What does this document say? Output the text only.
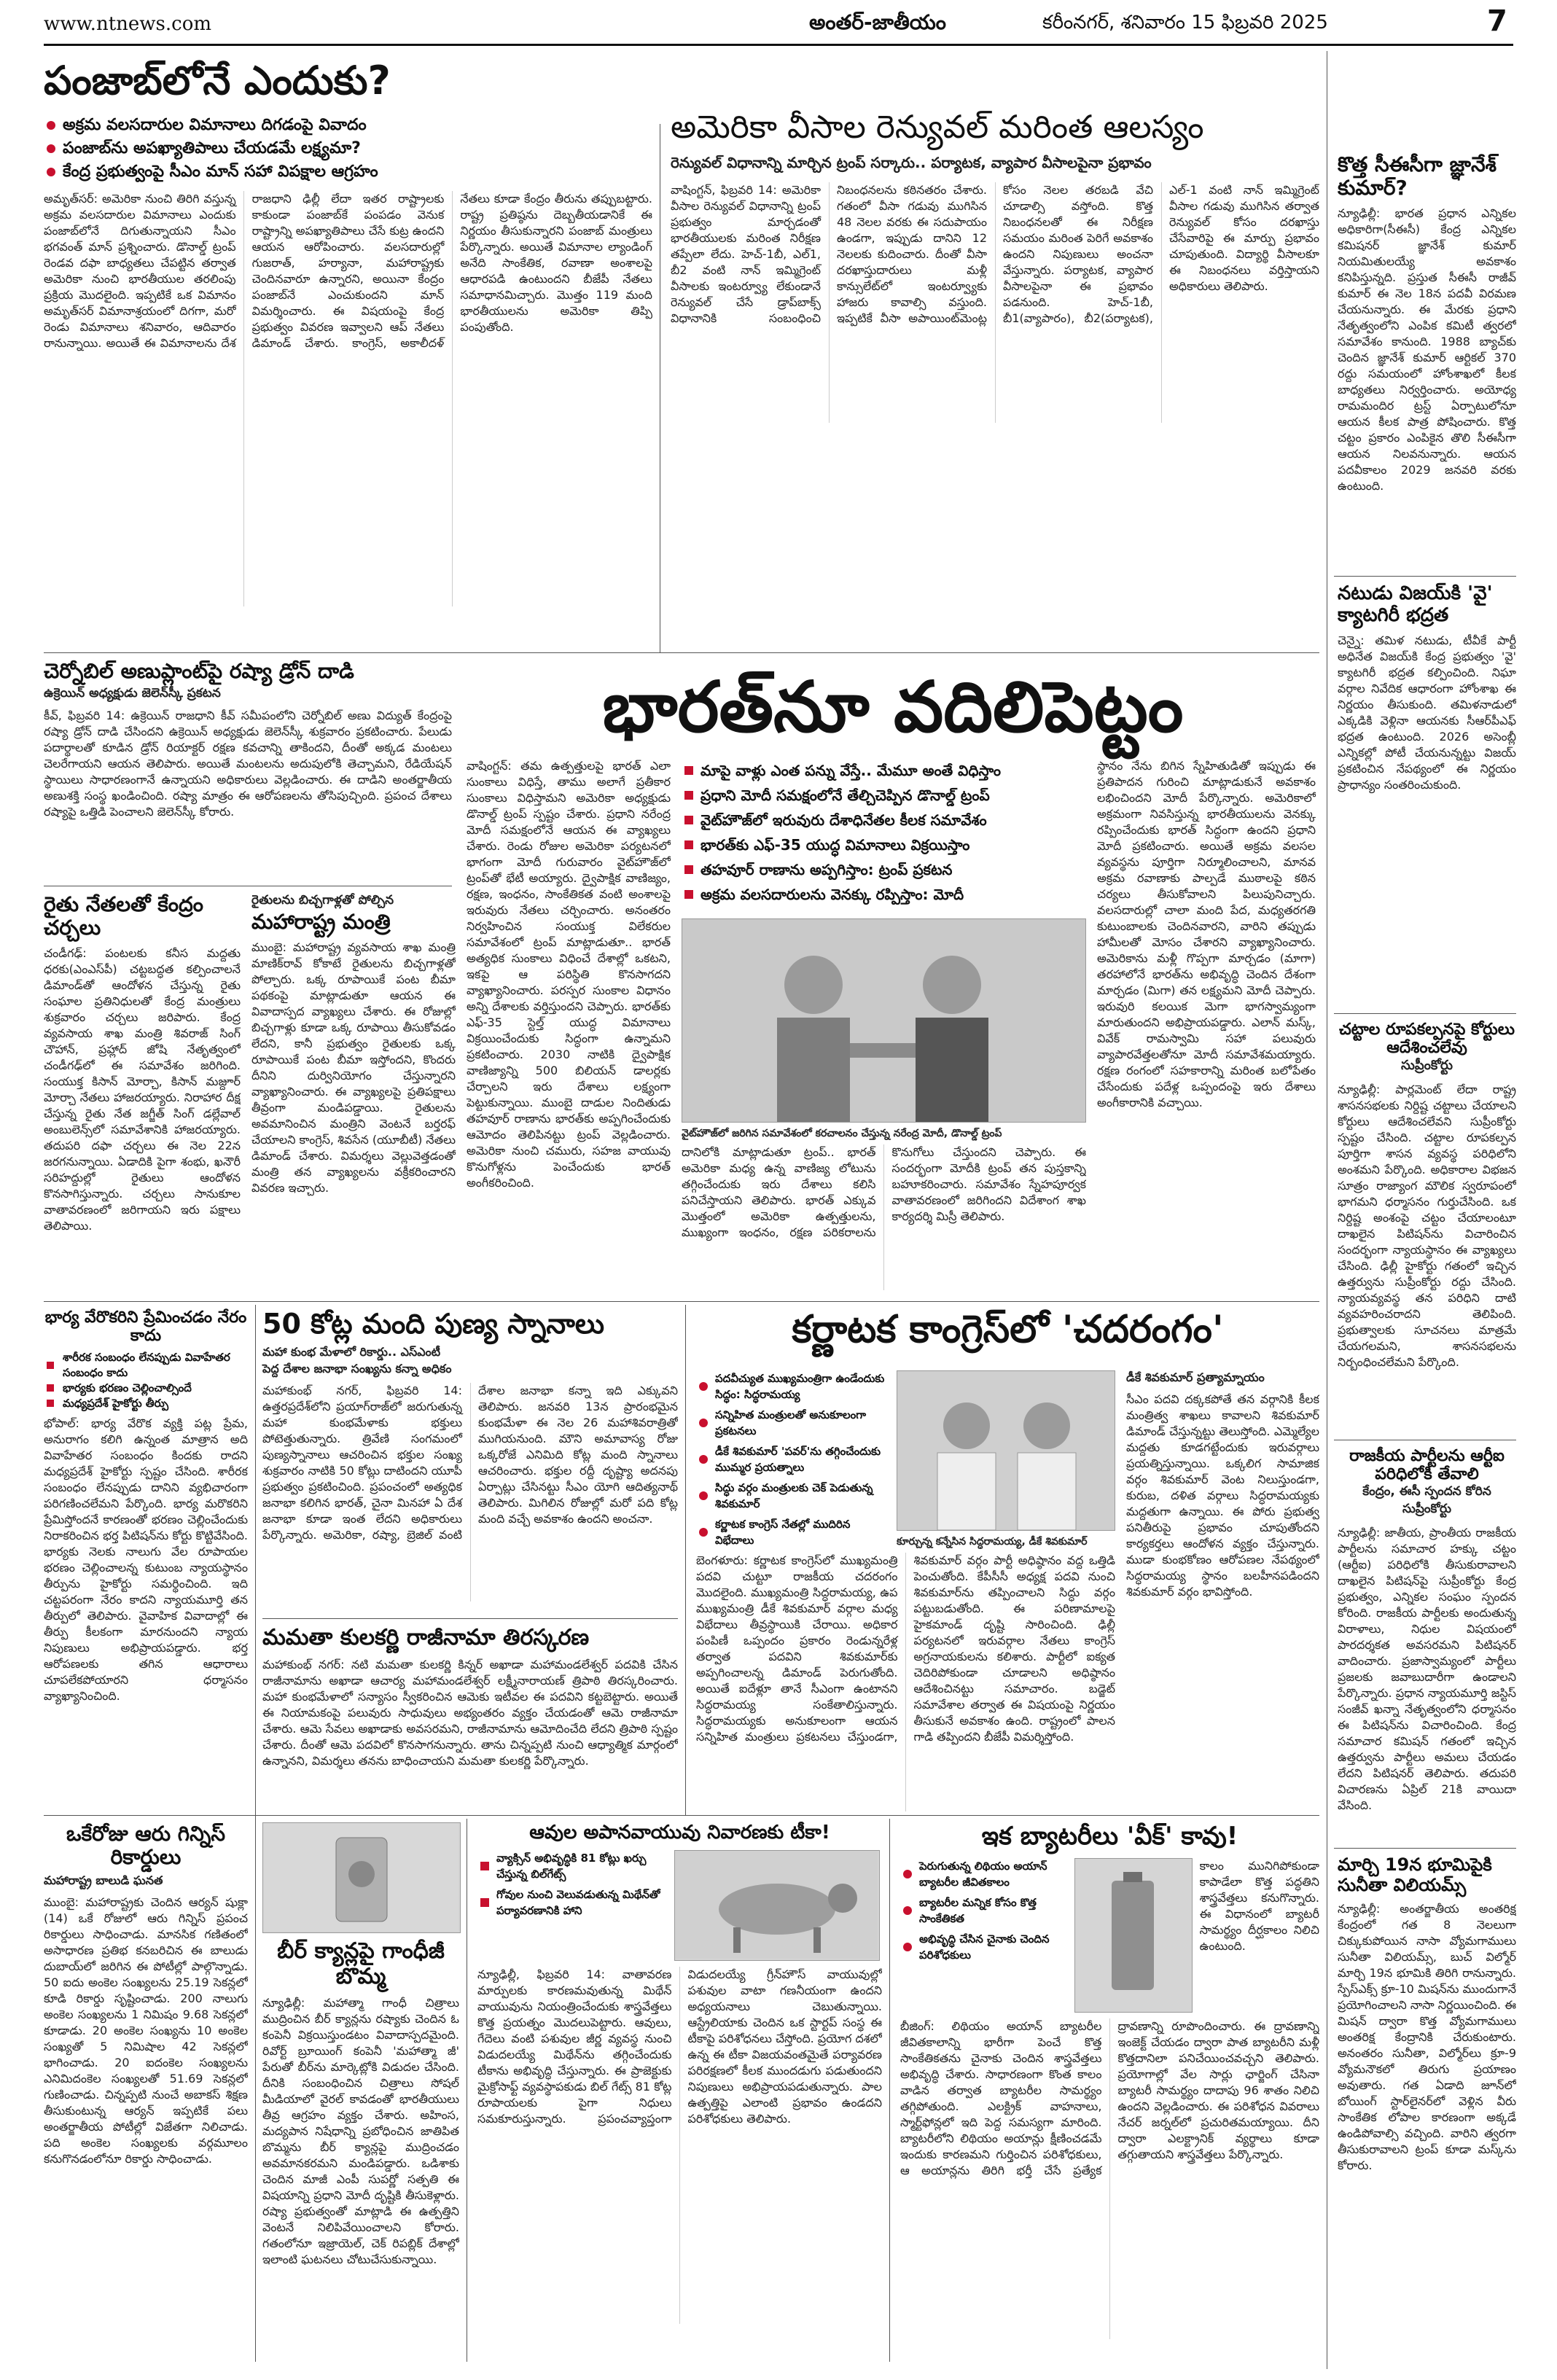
www.ntnews.com	అంతర్-జాతీయం	కరీంనగర్, శనివారం 15 ఫిబ్రవరి 2025	7
పంజాబ్‌లోనే ఎందుకు?
అక్రమ వలసదారుల విమానాలు దిగడంపై వివాదం
పంజాబ్‌ను అపఖ్యాతిపాలు చేయడమే లక్ష్యమా?
కేంద్ర ప్రభుత్వంపై సీఎం మాన్ సహా విపక్షాల ఆగ్రహం
అమృత్‌సర్: అమెరికా నుంచి తిరిగి వస్తున్న అక్రమ వలసదారుల విమానాలు ఎందుకు పంజాబ్‌లోనే దిగుతున్నాయని సీఎం భగవంత్ మాన్ ప్రశ్నించారు. డొనాల్డ్ ట్రంప్ రెండవ దఫా బాధ్యతలు చేపట్టిన తర్వాత అమెరికా నుంచి భారతీయుల తరలింపు ప్రక్రియ మొదలైంది. ఇప్పటికే ఒక విమానం అమృత్‌సర్ విమానాశ్రయంలో దిగగా, మరో రెండు విమానాలు శనివారం, ఆదివారం రానున్నాయి. అయితే ఈ విమానాలను దేశ రాజధాని ఢిల్లీ లేదా ఇతర రాష్ట్రాలకు కాకుండా పంజాబ్‌కే పంపడం వెనుక రాష్ట్రాన్ని అపఖ్యాతిపాలు చేసే కుట్ర ఉందని ఆయన ఆరోపించారు. వలసదారుల్లో గుజరాత్, హర్యానా, మహారాష్ట్రకు చెందినవారూ ఉన్నారని, అయినా కేంద్రం పంజాబ్‌నే ఎంచుకుందని మాన్ విమర్శించారు. ఈ విషయంపై కేంద్ర ప్రభుత్వం వివరణ ఇవ్వాలని ఆప్ నేతలు డిమాండ్ చేశారు. కాంగ్రెస్, అకాలీదళ్ నేతలు కూడా కేంద్రం తీరును తప్పుబట్టారు. రాష్ట్ర ప్రతిష్ఠను దెబ్బతీయడానికే ఈ నిర్ణయం తీసుకున్నారని పంజాబ్ మంత్రులు పేర్కొన్నారు. అయితే విమానాల ల్యాండింగ్ అనేది సాంకేతిక, రవాణా అంశాలపై ఆధారపడి ఉంటుందని బీజేపీ నేతలు సమాధానమిచ్చారు. మొత్తం 119 మంది భారతీయులను అమెరికా తిప్పి పంపుతోంది.
అమెరికా వీసాల రెన్యువల్ మరింత ఆలస్యం
రెన్యువల్ విధానాన్ని మార్చిన ట్రంప్ సర్కారు.. పర్యాటక, వ్యాపార వీసాలపైనా ప్రభావం
వాషింగ్టన్, ఫిబ్రవరి 14: అమెరికా వీసాల రెన్యువల్ విధానాన్ని ట్రంప్ ప్రభుత్వం మార్చడంతో భారతీయులకు మరింత నిరీక్షణ తప్పేలా లేదు. హెచ్-1బీ, ఎల్1, బీ2 వంటి నాన్ ఇమ్మిగ్రెంట్ వీసాలకు ఇంటర్వ్యూ లేకుండానే రెన్యువల్ చేసే డ్రాప్‌బాక్స్ విధానానికి సంబంధించి నిబంధనలను కఠినతరం చేశారు. గతంలో వీసా గడువు ముగిసిన 48 నెలల వరకు ఈ సదుపాయం ఉండగా, ఇప్పుడు దానిని 12 నెలలకు కుదించారు. దీంతో వీసా దరఖాస్తుదారులు మళ్లీ కాన్సులేట్‌లో ఇంటర్వ్యూకు హాజరు కావాల్సి వస్తుంది. ఇప్పటికే వీసా అపాయింట్‌మెంట్ల కోసం నెలల తరబడి వేచి చూడాల్సి వస్తోంది. కొత్త నిబంధనలతో ఈ నిరీక్షణ సమయం మరింత పెరిగే అవకాశం ఉందని నిపుణులు అంచనా వేస్తున్నారు. పర్యాటక, వ్యాపార వీసాలపైనా ఈ ప్రభావం పడనుంది. హెచ్-1బీ, బీ1(వ్యాపారం), బీ2(పర్యాటక), ఎల్-1 వంటి నాన్ ఇమ్మిగ్రెంట్ వీసాల గడువు ముగిసిన తర్వాత రెన్యువల్ కోసం దరఖాస్తు చేసేవారిపై ఈ మార్పు ప్రభావం చూపుతుంది. విద్యార్థి వీసాలకూ ఈ నిబంధనలు వర్తిస్తాయని అధికారులు తెలిపారు.
కొత్త సీఈసీగా జ్ఞానేశ్ కుమార్?
న్యూఢిల్లీ: భారత ప్రధాన ఎన్నికల అధికారిగా(సీఈసీ) కేంద్ర ఎన్నికల కమిషనర్ జ్ఞానేశ్ కుమార్ నియమితులయ్యే అవకాశం కనిపిస్తున్నది. ప్రస్తుత సీఈసీ రాజీవ్ కుమార్ ఈ నెల 18న పదవీ విరమణ చేయనున్నారు. ఈ మేరకు ప్రధాని నేతృత్వంలోని ఎంపిక కమిటీ త్వరలో సమావేశం కానుంది. 1988 బ్యాచ్‌కు చెందిన జ్ఞానేశ్ కుమార్ ఆర్టికల్ 370 రద్దు సమయంలో హోంశాఖలో కీలక బాధ్యతలు నిర్వర్తించారు. అయోధ్య రామమందిర ట్రస్ట్ ఏర్పాటులోనూ ఆయన కీలక పాత్ర పోషించారు. కొత్త చట్టం ప్రకారం ఎంపికైన తొలి సీఈసీగా ఆయన నిలవనున్నారు. ఆయన పదవీకాలం 2029 జనవరి వరకు ఉంటుంది.
నటుడు విజయ్‌కి 'వై' క్యాటగిరీ భద్రత
చెన్నై: తమిళ నటుడు, టీవీకే పార్టీ అధినేత విజయ్‌కి కేంద్ర ప్రభుత్వం 'వై' క్యాటగిరీ భద్రత కల్పించింది. నిఘా వర్గాల నివేదిక ఆధారంగా హోంశాఖ ఈ నిర్ణయం తీసుకుంది. తమిళనాడులో ఎక్కడికి వెళ్లినా ఆయనకు సీఆర్‌పీఎఫ్ భద్రత ఉంటుంది. 2026 అసెంబ్లీ ఎన్నికల్లో పోటీ చేయనున్నట్టు విజయ్ ప్రకటించిన నేపథ్యంలో ఈ నిర్ణయం ప్రాధాన్యం సంతరించుకుంది.
చట్టాల రూపకల్పనపై కోర్టులు ఆదేశించలేవు
సుప్రీంకోర్టు
న్యూఢిల్లీ: పార్లమెంట్ లేదా రాష్ట్ర శాసనసభలకు నిర్దిష్ట చట్టాలు చేయాలని కోర్టులు ఆదేశించలేవని సుప్రీంకోర్టు స్పష్టం చేసింది. చట్టాల రూపకల్పన పూర్తిగా శాసన వ్యవస్థ పరిధిలోని అంశమని పేర్కొంది. అధికారాల విభజన సూత్రం రాజ్యాంగ మౌలిక స్వరూపంలో భాగమని ధర్మాసనం గుర్తుచేసింది. ఒక నిర్దిష్ట అంశంపై చట్టం చేయాలంటూ దాఖలైన పిటిషన్‌ను విచారించిన సందర్భంగా న్యాయస్థానం ఈ వ్యాఖ్యలు చేసింది. ఢిల్లీ హైకోర్టు గతంలో ఇచ్చిన ఉత్తర్వును సుప్రీంకోర్టు రద్దు చేసింది. న్యాయవ్యవస్థ తన పరిధిని దాటి వ్యవహరించరాదని తెలిపింది. ప్రభుత్వాలకు సూచనలు మాత్రమే చేయగలమని, శాసనసభలను నిర్బంధించలేమని పేర్కొంది.
రాజకీయ పార్టీలను ఆర్టీఐ పరిధిలోకి తేవాలి
కేంద్రం, ఈసీ స్పందన కోరిన సుప్రీంకోర్టు
న్యూఢిల్లీ: జాతీయ, ప్రాంతీయ రాజకీయ పార్టీలను సమాచార హక్కు చట్టం (ఆర్టీఐ) పరిధిలోకి తీసుకురావాలని దాఖలైన పిటిషన్‌పై సుప్రీంకోర్టు కేంద్ర ప్రభుత్వం, ఎన్నికల సంఘం స్పందన కోరింది. రాజకీయ పార్టీలకు అందుతున్న విరాళాలు, నిధుల విషయంలో పారదర్శకత అవసరమని పిటిషనర్ వాదించారు. ప్రజాస్వామ్యంలో పార్టీలు ప్రజలకు జవాబుదారీగా ఉండాలని పేర్కొన్నారు. ప్రధాన న్యాయమూర్తి జస్టిస్ సంజీవ్ ఖన్నా నేతృత్వంలోని ధర్మాసనం ఈ పిటిషన్‌ను విచారించింది. కేంద్ర సమాచార కమిషన్ గతంలో ఇచ్చిన ఉత్తర్వును పార్టీలు అమలు చేయడం లేదని పిటిషనర్ తెలిపారు. తదుపరి విచారణను ఏప్రిల్ 21కి వాయిదా వేసింది.
మార్చి 19న భూమిపైకి సునీతా విలియమ్స్
న్యూఢిల్లీ: అంతర్జాతీయ అంతరిక్ష కేంద్రంలో గత 8 నెలలుగా చిక్కుకుపోయిన నాసా వ్యోమగాములు సునీతా విలియమ్స్, బుచ్ విల్మోర్ మార్చి 19న భూమికి తిరిగి రానున్నారు. స్పేస్‌ఎక్స్ క్రూ-10 మిషన్‌ను ముందుగానే ప్రయోగించాలని నాసా నిర్ణయించింది. ఈ మిషన్ ద్వారా కొత్త వ్యోమగాములు అంతరిక్ష కేంద్రానికి చేరుకుంటారు. అనంతరం సునీతా, విల్మోర్‌లు క్రూ-9 వ్యోమనౌకలో తిరుగు ప్రయాణం అవుతారు. గత ఏడాది జూన్‌లో బోయింగ్ స్టార్‌లైనర్‌లో వెళ్లిన వీరు సాంకేతిక లోపాల కారణంగా అక్కడే ఉండిపోవాల్సి వచ్చింది. వారిని త్వరగా తీసుకురావాలని ట్రంప్ కూడా మస్క్‌ను కోరారు.
చెర్నోబిల్ అణుప్లాంట్‌పై రష్యా డ్రోన్ దాడి
ఉక్రెయిన్ అధ్యక్షుడు జెలెన్‌స్కీ ప్రకటన
కీవ్, ఫిబ్రవరి 14: ఉక్రెయిన్ రాజధాని కీవ్ సమీపంలోని చెర్నోబిల్ అణు విద్యుత్ కేంద్రంపై రష్యా డ్రోన్ దాడి చేసిందని ఉక్రెయిన్ అధ్యక్షుడు జెలెన్‌స్కీ శుక్రవారం ప్రకటించారు. పేలుడు పదార్థాలతో కూడిన డ్రోన్ రియాక్టర్ రక్షణ కవచాన్ని తాకిందని, దీంతో అక్కడ మంటలు చెలరేగాయని ఆయన తెలిపారు. అయితే మంటలను అదుపులోకి తెచ్చామని, రేడియేషన్ స్థాయిలు సాధారణంగానే ఉన్నాయని అధికారులు వెల్లడించారు. ఈ దాడిని అంతర్జాతీయ అణుశక్తి సంస్థ ఖండించింది. రష్యా మాత్రం ఈ ఆరోపణలను తోసిపుచ్చింది. ప్రపంచ దేశాలు రష్యాపై ఒత్తిడి పెంచాలని జెలెన్‌స్కీ కోరారు.
భారత్‌నూ వదిలిపెట్టం
వాషింగ్టన్: తమ ఉత్పత్తులపై భారత్ ఎలా సుంకాలు విధిస్తే, తాము అలాగే ప్రతీకార సుంకాలు విధిస్తామని అమెరికా అధ్యక్షుడు డొనాల్డ్ ట్రంప్ స్పష్టం చేశారు. ప్రధాని నరేంద్ర మోదీ సమక్షంలోనే ఆయన ఈ వ్యాఖ్యలు చేశారు. రెండు రోజుల అమెరికా పర్యటనలో భాగంగా మోదీ గురువారం వైట్‌హౌజ్‌లో ట్రంప్‌తో భేటీ అయ్యారు. ద్వైపాక్షిక వాణిజ్యం, రక్షణ, ఇంధనం, సాంకేతికత వంటి అంశాలపై ఇరువురు నేతలు చర్చించారు. అనంతరం నిర్వహించిన సంయుక్త విలేకరుల సమావేశంలో ట్రంప్ మాట్లాడుతూ.. భారత్ అత్యధిక సుంకాలు విధించే దేశాల్లో ఒకటని, ఇకపై ఆ పరిస్థితి కొనసాగదని వ్యాఖ్యానించారు. పరస్పర సుంకాల విధానం అన్ని దేశాలకు వర్తిస్తుందని చెప్పారు. భారత్‌కు ఎఫ్-35 స్టెల్త్ యుద్ధ విమానాలు విక్రయించేందుకు సిద్ధంగా ఉన్నామని ప్రకటించారు. 2030 నాటికి ద్వైపాక్షిక వాణిజ్యాన్ని 500 బిలియన్ డాలర్లకు చేర్చాలని ఇరు దేశాలు లక్ష్యంగా పెట్టుకున్నాయి. ముంబై దాడుల నిందితుడు తహవూర్ రాణాను భారత్‌కు అప్పగించేందుకు ఆమోదం తెలిపినట్టు ట్రంప్ వెల్లడించారు. అమెరికా నుంచి చమురు, సహజ వాయువు కొనుగోళ్లను పెంచేందుకు భారత్ అంగీకరించింది.
మాపై వాళ్లు ఎంత పన్ను వేస్తే.. మేమూ అంతే విధిస్తాం
ప్రధాని మోదీ సమక్షంలోనే తేల్చిచెప్పిన డొనాల్డ్ ట్రంప్
వైట్‌హౌజ్‌లో ఇరువురు దేశాధినేతల కీలక సమావేశం
భారత్‌కు ఎఫ్-35 యుద్ధ విమానాలు విక్రయిస్తాం
తహవూర్ రాణాను అప్పగిస్తాం: ట్రంప్ ప్రకటన
అక్రమ వలసదారులను వెనక్కు రప్పిస్తాం: మోదీ
వైట్‌హౌజ్‌లో జరిగిన సమావేశంలో కరచాలనం చేస్తున్న నరేంద్ర మోదీ, డొనాల్డ్ ట్రంప్
దానిలోకి మాట్లాడుతూ ట్రంప్.. భారత్ అమెరికా మధ్య ఉన్న వాణిజ్య లోటును తగ్గించేందుకు ఇరు దేశాలు కలిసి పనిచేస్తాయని తెలిపారు. భారత్ ఎక్కువ మొత్తంలో అమెరికా ఉత్పత్తులను, ముఖ్యంగా ఇంధనం, రక్షణ పరికరాలను కొనుగోలు చేస్తుందని చెప్పారు. ఈ సందర్భంగా మోదీకి ట్రంప్ తన పుస్తకాన్ని బహూకరించారు. సమావేశం స్నేహపూర్వక వాతావరణంలో జరిగిందని విదేశాంగ శాఖ కార్యదర్శి మిస్రీ తెలిపారు.
స్థానం నేను బిగిన స్నేహితుడితో ఇప్పుడు ఈ ప్రతిపాదన గురించి మాట్లాడుకునే అవకాశం లభించిందని మోదీ పేర్కొన్నారు. అమెరికాలో అక్రమంగా నివసిస్తున్న భారతీయులను వెనక్కు రప్పించేందుకు భారత్ సిద్ధంగా ఉందని ప్రధాని మోదీ ప్రకటించారు. అయితే అక్రమ వలసల వ్యవస్థను పూర్తిగా నిర్మూలించాలని, మానవ అక్రమ రవాణాకు పాల్పడే ముఠాలపై కఠిన చర్యలు తీసుకోవాలని పిలుపునిచ్చారు. వలసదారుల్లో చాలా మంది పేద, మధ్యతరగతి కుటుంబాలకు చెందినవారని, వారిని తప్పుడు హామీలతో మోసం చేశారని వ్యాఖ్యానించారు. అమెరికాను మళ్లీ గొప్పగా మార్చడం (మాగా) తరహాలోనే భారత్‌ను అభివృద్ధి చెందిన దేశంగా మార్చడం (మిగా) తన లక్ష్యమని మోదీ చెప్పారు. ఇరువురి కలయిక మెగా భాగస్వామ్యంగా మారుతుందని అభిప్రాయపడ్డారు. ఎలాన్ మస్క్, వివేక్ రామస్వామి సహా పలువురు వ్యాపారవేత్తలతోనూ మోదీ సమావేశమయ్యారు. రక్షణ రంగంలో సహకారాన్ని మరింత బలోపేతం చేసేందుకు పదేళ్ల ఒప్పందంపై ఇరు దేశాలు అంగీకారానికి వచ్చాయి.
రైతు నేతలతో కేంద్రం చర్చలు
చండీగఢ్: పంటలకు కనీస మద్దతు ధరకు(ఎంఎస్‌పీ) చట్టబద్ధత కల్పించాలనే డిమాండ్‌తో ఆందోళన చేస్తున్న రైతు సంఘాల ప్రతినిధులతో కేంద్ర మంత్రులు శుక్రవారం చర్చలు జరిపారు. కేంద్ర వ్యవసాయ శాఖ మంత్రి శివరాజ్ సింగ్ చౌహాన్, ప్రహ్లాద్ జోషి నేతృత్వంలో చండీగఢ్‌లో ఈ సమావేశం జరిగింది. సంయుక్త కిసాన్ మోర్చా, కిసాన్ మజ్దూర్ మోర్చా నేతలు హాజరయ్యారు. నిరాహార దీక్ష చేస్తున్న రైతు నేత జగ్జీత్ సింగ్ డల్లేవాల్ అంబులెన్స్‌లో సమావేశానికి హాజరయ్యారు. తదుపరి దఫా చర్చలు ఈ నెల 22న జరగనున్నాయి. ఏడాదికి పైగా శంభు, ఖనౌరీ సరిహద్దుల్లో రైతులు ఆందోళన కొనసాగిస్తున్నారు. చర్చలు సానుకూల వాతావరణంలో జరిగాయని ఇరు పక్షాలు తెలిపాయి.
రైతులను బిచ్చగాళ్లతో పోల్చిన
మహారాష్ట్ర మంత్రి
ముంబై: మహారాష్ట్ర వ్యవసాయ శాఖ మంత్రి మాణిక్‌రావ్ కోకాటే రైతులను బిచ్చగాళ్లతో పోల్చారు. ఒక్క రూపాయికే పంట బీమా పథకంపై మాట్లాడుతూ ఆయన ఈ వివాదాస్పద వ్యాఖ్యలు చేశారు. ఈ రోజుల్లో బిచ్చగాళ్లు కూడా ఒక్క రూపాయి తీసుకోవడం లేదని, కానీ ప్రభుత్వం రైతులకు ఒక్క రూపాయికే పంట బీమా ఇస్తోందని, కొందరు దీనిని దుర్వినియోగం చేస్తున్నారని వ్యాఖ్యానించారు. ఈ వ్యాఖ్యలపై ప్రతిపక్షాలు తీవ్రంగా మండిపడ్డాయి. రైతులను అవమానించిన మంత్రిని వెంటనే బర్తరఫ్ చేయాలని కాంగ్రెస్, శివసేన (యూబీటీ) నేతలు డిమాండ్ చేశారు. విమర్శలు వెల్లువెత్తడంతో మంత్రి తన వ్యాఖ్యలను వక్రీకరించారని వివరణ ఇచ్చారు.
భార్య వేరొకరిని ప్రేమించడం నేరం కాదు
శారీరక సంబంధం లేనప్పుడు వివాహేతర సంబంధం కాదు
భార్యకు భరణం చెల్లించాల్సిందే
మధ్యప్రదేశ్ హైకోర్టు తీర్పు
భోపాల్: భార్య వేరొక వ్యక్తి పట్ల ప్రేమ, అనురాగం కలిగి ఉన్నంత మాత్రాన అది వివాహేతర సంబంధం కిందకు రాదని మధ్యప్రదేశ్ హైకోర్టు స్పష్టం చేసింది. శారీరక సంబంధం లేనప్పుడు దానిని వ్యభిచారంగా పరిగణించలేమని పేర్కొంది. భార్య మరొకరిని ప్రేమిస్తోందనే కారణంతో భరణం చెల్లించేందుకు నిరాకరించిన భర్త పిటిషన్‌ను కోర్టు కొట్టివేసింది. భార్యకు నెలకు నాలుగు వేల రూపాయల భరణం చెల్లించాలన్న కుటుంబ న్యాయస్థానం తీర్పును హైకోర్టు సమర్థించింది. ఇది చట్టపరంగా నేరం కాదని న్యాయమూర్తి తన తీర్పులో తెలిపారు. వైవాహిక వివాదాల్లో ఈ తీర్పు కీలకంగా మారనుందని న్యాయ నిపుణులు అభిప్రాయపడ్డారు. భర్త ఆరోపణలకు తగిన ఆధారాలు చూపలేకపోయారని ధర్మాసనం వ్యాఖ్యానించింది.
50 కోట్ల మంది పుణ్య స్నానాలు
మహా కుంభ మేళాలో రికార్డు.. ఎస్‌ఎంటీ
పెద్ద దేశాల జనాభా సంఖ్యను కన్నా అధికం
మహాకుంభ్ నగర్, ఫిబ్రవరి 14: ఉత్తరప్రదేశ్‌లోని ప్రయాగ్‌రాజ్‌లో జరుగుతున్న మహా కుంభమేళాకు భక్తులు పోటెత్తుతున్నారు. త్రివేణి సంగమంలో పుణ్యస్నానాలు ఆచరించిన భక్తుల సంఖ్య శుక్రవారం నాటికి 50 కోట్లు దాటిందని యూపీ ప్రభుత్వం ప్రకటించింది. ప్రపంచంలో అత్యధిక జనాభా కలిగిన భారత్, చైనా మినహా ఏ దేశ జనాభా కూడా ఇంత లేదని అధికారులు పేర్కొన్నారు. అమెరికా, రష్యా, బ్రెజిల్ వంటి దేశాల జనాభా కన్నా ఇది ఎక్కువని తెలిపారు. జనవరి 13న ప్రారంభమైన కుంభమేళా ఈ నెల 26 మహాశివరాత్రితో ముగియనుంది. మౌని అమావాస్య రోజు ఒక్కరోజే ఎనిమిది కోట్ల మంది స్నానాలు ఆచరించారు. భక్తుల రద్దీ దృష్ట్యా అదనపు ఏర్పాట్లు చేసినట్టు సీఎం యోగి ఆదిత్యనాథ్ తెలిపారు. మిగిలిన రోజుల్లో మరో పది కోట్ల మంది వచ్చే అవకాశం ఉందని అంచనా.
మమతా కులకర్ణి రాజీనామా తిరస్కరణ
మహాకుంభ్ నగర్: నటి మమతా కులకర్ణి కిన్నర్ అఖాడా మహామండలేశ్వర్ పదవికి చేసిన రాజీనామాను అఖాడా ఆచార్య మహామండలేశ్వర్ లక్ష్మీనారాయణ్ త్రిపాఠి తిరస్కరించారు. మహా కుంభమేళాలో సన్యాసం స్వీకరించిన ఆమెకు ఇటీవల ఈ పదవిని కట్టబెట్టారు. అయితే ఈ నియామకంపై పలువురు సాధువులు అభ్యంతరం వ్యక్తం చేయడంతో ఆమె రాజీనామా చేశారు. ఆమె సేవలు అఖాడాకు అవసరమని, రాజీనామాను ఆమోదించేది లేదని త్రిపాఠి స్పష్టం చేశారు. దీంతో ఆమె పదవిలో కొనసాగనున్నారు. తాను చిన్నప్పటి నుంచి ఆధ్యాత్మిక మార్గంలో ఉన్నానని, విమర్శలు తనను బాధించాయని మమతా కులకర్ణి పేర్కొన్నారు.
కర్ణాటక కాంగ్రెస్‌లో 'చదరంగం'
పదవీచ్యుత ముఖ్యమంత్రిగా ఉండేందుకు సిద్ధం: సిద్ధరామయ్య
సన్నిహిత మంత్రులతో అనుకూలంగా ప్రకటనలు
డీకే శివకుమార్ 'పవర్'ను తగ్గించేందుకు ముమ్మర ప్రయత్నాలు
సిద్ధు వర్గం మంత్రులకు చెక్ పెడుతున్న శివకుమార్
కర్ణాటక కాంగ్రెస్ నేతల్లో ముదిరిన విభేదాలు	కూర్చున్న కన్నేసిన సిద్ధరామయ్య, డీకే శివకుమార్
బెంగళూరు: కర్ణాటక కాంగ్రెస్‌లో ముఖ్యమంత్రి పదవి చుట్టూ రాజకీయ చదరంగం మొదలైంది. ముఖ్యమంత్రి సిద్ధరామయ్య, ఉప ముఖ్యమంత్రి డీకే శివకుమార్ వర్గాల మధ్య విభేదాలు తీవ్రస్థాయికి చేరాయి. అధికార పంపిణీ ఒప్పందం ప్రకారం రెండున్నరేళ్ల తర్వాత పదవిని శివకుమార్‌కు అప్పగించాలన్న డిమాండ్ పెరుగుతోంది. అయితే ఐదేళ్లూ తానే సీఎంగా ఉంటానని సిద్ధరామయ్య సంకేతాలిస్తున్నారు. సిద్ధరామయ్యకు అనుకూలంగా ఆయన సన్నిహిత మంత్రులు ప్రకటనలు చేస్తుండగా, శివకుమార్ వర్గం పార్టీ అధిష్ఠానం వద్ద ఒత్తిడి పెంచుతోంది. కేపీసీసీ అధ్యక్ష పదవి నుంచి శివకుమార్‌ను తప్పించాలని సిద్ధు వర్గం పట్టుబడుతోంది. ఈ పరిణామాలపై హైకమాండ్ దృష్టి సారించింది. ఢిల్లీ పర్యటనలో ఇరువర్గాల నేతలు కాంగ్రెస్ అగ్రనాయకులను కలిశారు. పార్టీలో ఐక్యత చెదిరిపోకుండా చూడాలని అధిష్ఠానం ఆదేశించినట్టు సమాచారం. బడ్జెట్ సమావేశాల తర్వాత ఈ విషయంపై నిర్ణయం తీసుకునే అవకాశం ఉంది. రాష్ట్రంలో పాలన గాడి తప్పిందని బీజేపీ విమర్శిస్తోంది.
డీకే శివకుమార్ ప్రత్యామ్నాయం
సీఎం పదవి దక్కకపోతే తన వర్గానికి కీలక మంత్రిత్వ శాఖలు కావాలని శివకుమార్ డిమాండ్ చేస్తున్నట్టు తెలుస్తోంది. ఎమ్మెల్యేల మద్దతు కూడగట్టేందుకు ఇరువర్గాలు ప్రయత్నిస్తున్నాయి. ఒక్కలిగ సామాజిక వర్గం శివకుమార్ వెంట నిలుస్తుండగా, కురుబ, దళిత వర్గాలు సిద్ధరామయ్యకు మద్దతుగా ఉన్నాయి. ఈ పోరు ప్రభుత్వ పనితీరుపై ప్రభావం చూపుతోందని కార్యకర్తలు ఆందోళన వ్యక్తం చేస్తున్నారు. ముడా కుంభకోణం ఆరోపణల నేపథ్యంలో సిద్ధరామయ్య స్థానం బలహీనపడిందని శివకుమార్ వర్గం భావిస్తోంది.
ఒకేరోజు ఆరు గిన్నిస్ రికార్డులు
మహారాష్ట్ర బాలుడి ఘనత
ముంబై: మహారాష్ట్రకు చెందిన ఆర్యన్ షుక్లా (14) ఒకే రోజులో ఆరు గిన్నిస్ ప్రపంచ రికార్డులు సాధించాడు. మానసిక గణితంలో అసాధారణ ప్రతిభ కనబరిచిన ఈ బాలుడు దుబాయ్‌లో జరిగిన ఈ పోటీల్లో పాల్గొన్నాడు. 50 ఐదు అంకెల సంఖ్యలను 25.19 సెకన్లలో కూడి రికార్డు సృష్టించాడు. 200 నాలుగు అంకెల సంఖ్యలను 1 నిమిషం 9.68 సెకన్లలో కూడాడు. 20 అంకెల సంఖ్యను 10 అంకెల సంఖ్యతో 5 నిమిషాల 42 సెకన్లలో భాగించాడు. 20 ఐదంకెల సంఖ్యలను ఎనిమిదంకెల సంఖ్యలతో 51.69 సెకన్లలో గుణించాడు. చిన్నప్పటి నుంచే అబాకస్ శిక్షణ తీసుకుంటున్న ఆర్యన్ ఇప్పటికే పలు అంతర్జాతీయ పోటీల్లో విజేతగా నిలిచాడు. పది అంకెల సంఖ్యలకు వర్గమూలం కనుగొనడంలోనూ రికార్డు సాధించాడు.
బీర్ క్యాన్లపై గాంధీజీ బొమ్మ
న్యూఢిల్లీ: మహాత్మా గాంధీ చిత్రాలు ముద్రించిన బీర్ క్యాన్లను రష్యాకు చెందిన ఓ కంపెనీ విక్రయిస్తుండటం వివాదాస్పదమైంది. రివోర్ట్ బ్రూయింగ్ కంపెనీ 'మహాత్మా జీ' పేరుతో బీర్‌ను మార్కెట్లోకి విడుదల చేసింది. దీనికి సంబంధించిన చిత్రాలు సోషల్ మీడియాలో వైరల్ కావడంతో భారతీయులు తీవ్ర ఆగ్రహం వ్యక్తం చేశారు. అహింస, మద్యపాన నిషేధాన్ని ప్రబోధించిన జాతిపిత బొమ్మను బీర్ క్యాన్లపై ముద్రించడం అవమానకరమని మండిపడ్డారు. ఒడిశాకు చెందిన మాజీ ఎంపీ సుపర్ణో సత్పతి ఈ విషయాన్ని ప్రధాని మోదీ దృష్టికి తీసుకెళ్లారు. రష్యా ప్రభుత్వంతో మాట్లాడి ఈ ఉత్పత్తిని వెంటనే నిలిపివేయించాలని కోరారు. గతంలోనూ ఇజ్రాయెల్, చెక్ రిపబ్లిక్ దేశాల్లో ఇలాంటి ఘటనలు చోటుచేసుకున్నాయి.
ఆవుల అపానవాయువు నివారణకు టీకా!
వ్యాక్సిన్ అభివృద్ధికి 81 కోట్లు ఖర్చు చేస్తున్న బిల్‌గేట్స్
గోవుల నుంచి వెలువడుతున్న మిథేన్‌తో పర్యావరణానికి హాని
న్యూఢిల్లీ, ఫిబ్రవరి 14: వాతావరణ మార్పులకు కారణమవుతున్న మిథేన్ వాయువును నియంత్రించేందుకు శాస్త్రవేత్తలు కొత్త ప్రయత్నం మొదలుపెట్టారు. ఆవులు, గేదెలు వంటి పశువుల జీర్ణ వ్యవస్థ నుంచి విడుదలయ్యే మిథేన్‌ను తగ్గించేందుకు టీకాను అభివృద్ధి చేస్తున్నారు. ఈ ప్రాజెక్టుకు మైక్రోసాఫ్ట్ వ్యవస్థాపకుడు బిల్ గేట్స్ 81 కోట్ల రూపాయలకు పైగా నిధులు సమకూరుస్తున్నారు. ప్రపంచవ్యాప్తంగా విడుదలయ్యే గ్రీన్‌హౌస్ వాయువుల్లో పశువుల వాటా గణనీయంగా ఉందని అధ్యయనాలు చెబుతున్నాయి. ఆస్ట్రేలియాకు చెందిన ఒక స్టార్టప్ సంస్థ ఈ టీకాపై పరిశోధనలు చేస్తోంది. ప్రయోగ దశలో ఉన్న ఈ టీకా విజయవంతమైతే పర్యావరణ పరిరక్షణలో కీలక ముందడుగు పడుతుందని నిపుణులు అభిప్రాయపడుతున్నారు. పాల ఉత్పత్తిపై ఎలాంటి ప్రభావం ఉండదని పరిశోధకులు తెలిపారు.
ఇక బ్యాటరీలు 'వీక్' కావు!
పెరుగుతున్న లిథియం అయాన్ బ్యాటరీల జీవితకాలం
బ్యాటరీల మన్నిక కోసం కొత్త సాంకేతికత
అభివృద్ధి చేసిన చైనాకు చెందిన పరిశోధకులు
కాలం మునిగిపోకుండా కాపాడేలా కొత్త పద్ధతిని శాస్త్రవేత్తలు కనుగొన్నారు. ఈ విధానంలో బ్యాటరీ సామర్థ్యం దీర్ఘకాలం నిలిచి ఉంటుంది.
బీజింగ్: లిథియం అయాన్ బ్యాటరీల జీవితకాలాన్ని భారీగా పెంచే కొత్త సాంకేతికతను చైనాకు చెందిన శాస్త్రవేత్తలు అభివృద్ధి చేశారు. సాధారణంగా కొంత కాలం వాడిన తర్వాత బ్యాటరీల సామర్థ్యం తగ్గిపోతుంది. ఎలక్ట్రిక్ వాహనాలు, స్మార్ట్‌ఫోన్లలో ఇది పెద్ద సమస్యగా మారింది. బ్యాటరీలోని లిథియం అయాన్లు క్షీణించడమే ఇందుకు కారణమని గుర్తించిన పరిశోధకులు, ఆ అయాన్లను తిరిగి భర్తీ చేసే ప్రత్యేక ద్రావణాన్ని రూపొందించారు. ఈ ద్రావణాన్ని ఇంజెక్ట్ చేయడం ద్వారా పాత బ్యాటరీని మళ్లీ కొత్తదానిలా పనిచేయించవచ్చని తెలిపారు. ప్రయోగాల్లో వేల సార్లు ఛార్జింగ్ చేసినా బ్యాటరీ సామర్థ్యం దాదాపు 96 శాతం నిలిచి ఉందని వెల్లడించారు. ఈ పరిశోధన వివరాలు నేచర్ జర్నల్‌లో ప్రచురితమయ్యాయి. దీని ద్వారా ఎలక్ట్రానిక్ వ్యర్థాలు కూడా తగ్గుతాయని శాస్త్రవేత్తలు పేర్కొన్నారు.
